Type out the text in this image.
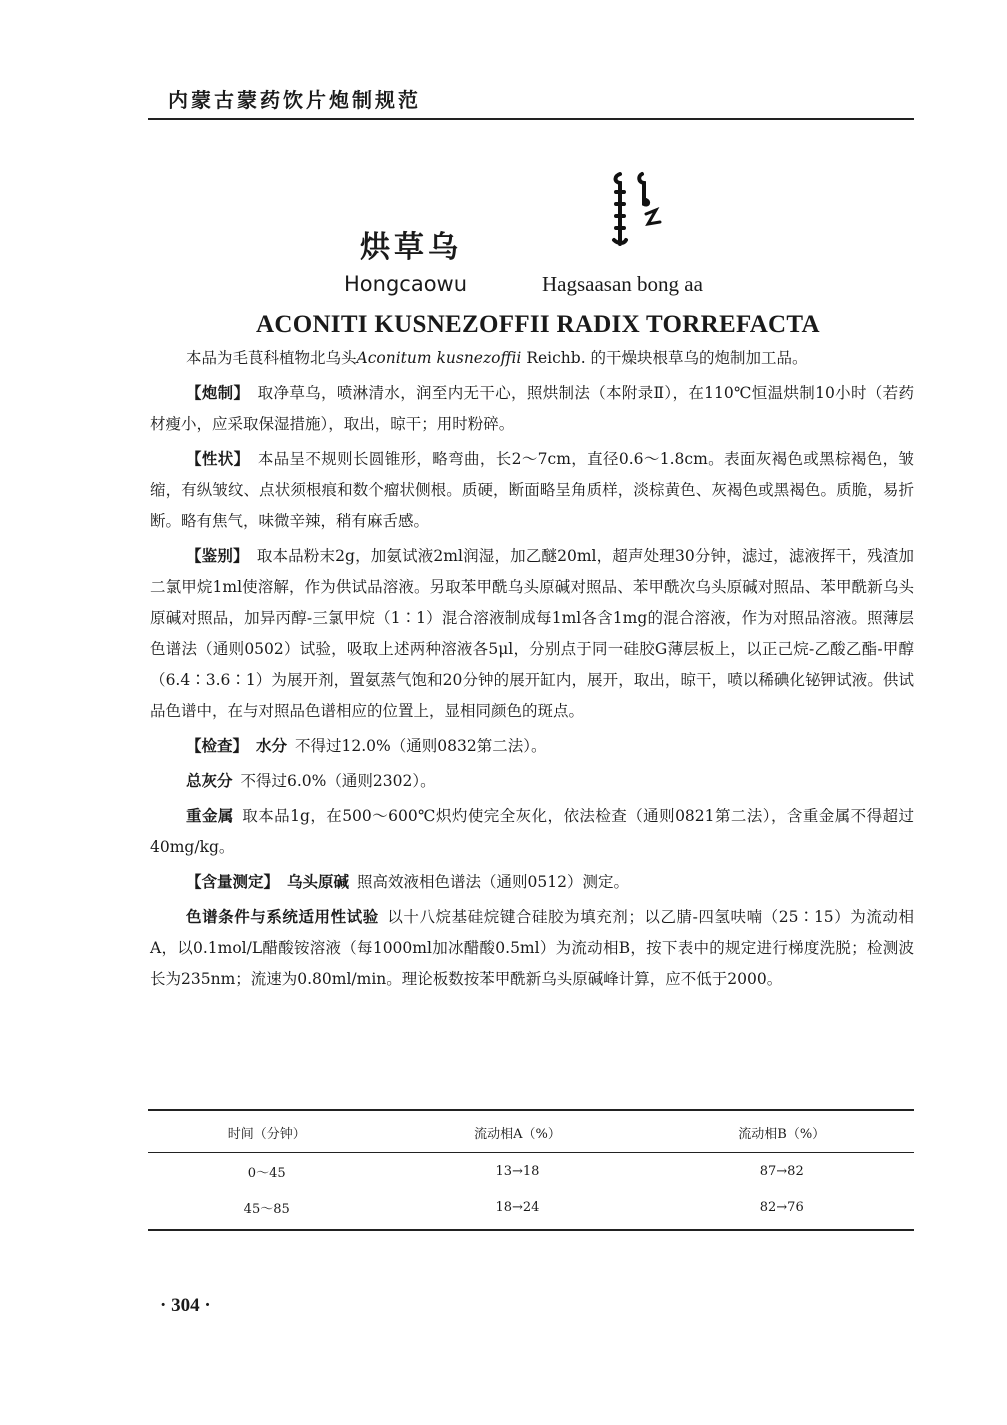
内蒙古蒙药饮片炮制规范
烘草乌
Hongcaowu	Hagsaasan bong aa
ACONITI KUSNEZOFFII RADIX TORREFACTA

本品为毛茛科植物北乌头Aconitum kusnezoffii Reichb. 的干燥块根草乌的炮制加工品。

【炮制】 取净草乌，喷淋清水，润至内无干心，照烘制法（本附录Ⅱ），在110℃恒温烘制10小时（若药材瘦小，应采取保湿措施），取出，晾干；用时粉碎。

【性状】 本品呈不规则长圆锥形，略弯曲，长2～7cm，直径0.6～1.8cm。表面灰褐色或黑棕褐色，皱缩，有纵皱纹、点状须根痕和数个瘤状侧根。质硬，断面略呈角质样，淡棕黄色、灰褐色或黑褐色。质脆，易折断。略有焦气，味微辛辣，稍有麻舌感。

【鉴别】 取本品粉末2g，加氨试液2ml润湿，加乙醚20ml，超声处理30分钟，滤过，滤液挥干，残渣加二氯甲烷1ml使溶解，作为供试品溶液。另取苯甲酰乌头原碱对照品、苯甲酰次乌头原碱对照品、苯甲酰新乌头原碱对照品，加异丙醇-三氯甲烷（1∶1）混合溶液制成每1ml各含1mg的混合溶液，作为对照品溶液。照薄层色谱法（通则0502）试验，吸取上述两种溶液各5μl，分别点于同一硅胶G薄层板上，以正己烷-乙酸乙酯-甲醇（6.4∶3.6∶1）为展开剂，置氨蒸气饱和20分钟的展开缸内，展开，取出，晾干，喷以稀碘化铋钾试液。供试品色谱中，在与对照品色谱相应的位置上，显相同颜色的斑点。

【检查】 水分 不得过12.0%（通则0832第二法）。

总灰分 不得过6.0%（通则2302）。

重金属 取本品1g，在500～600℃炽灼使完全灰化，依法检查（通则0821第二法），含重金属不得超过40mg/kg。

【含量测定】 乌头原碱 照高效液相色谱法（通则0512）测定。

色谱条件与系统适用性试验 以十八烷基硅烷键合硅胶为填充剂；以乙腈-四氢呋喃（25∶15）为流动相A，以0.1mol/L醋酸铵溶液（每1000ml加冰醋酸0.5ml）为流动相B，按下表中的规定进行梯度洗脱；检测波长为235nm；流速为0.80ml/min。理论板数按苯甲酰新乌头原碱峰计算，应不低于2000。

时间（分钟）	流动相A（%）	流动相B（%）
0～45	13→18	87→82
45～85	18→24	82→76
· 304 ·
